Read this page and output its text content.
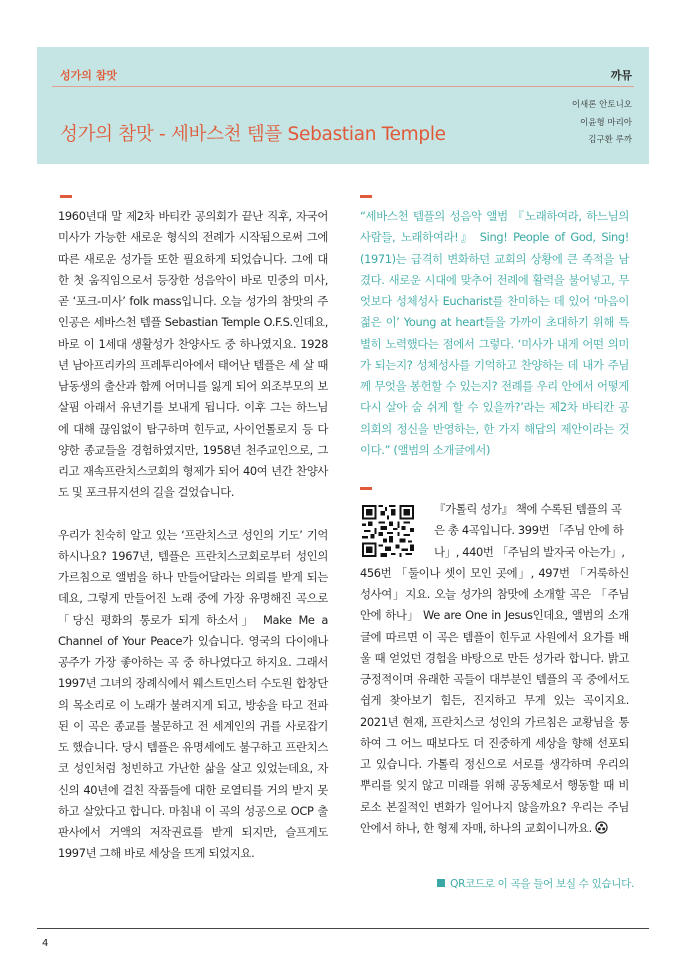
성가의 참맛	까뮤
성가의 참맛 - 세바스천 템플 Sebastian Temple
이새론 안토니오
이윤형 마리아
김구환 루까

1960년대 말 제2차 바티칸 공의회가 끝난 직후, 자국어 미사가 가능한 새로운 형식의 전례가 시작됨으로써 그에 따른 새로운 성가들 또한 필요하게 되었습니다. 그에 대한 첫 움직임으로서 등장한 성음악이 바로 민중의 미사, 곧 ‘포크-미사’ folk mass입니다. 오늘 성가의 참맛의 주인공은 세바스천 템플 Sebastian Temple O.F.S.인데요, 바로 이 1세대 생활성가 찬양사도 중 하나였지요. 1928년 남아프리카의 프레투리아에서 태어난 템플은 세 살 때 남동생의 출산과 함께 어머니를 잃게 되어 외조부모의 보살핌 아래서 유년기를 보내게 됩니다. 이후 그는 하느님에 대해 끊임없이 탐구하며 힌두교, 사이언톨로지 등 다양한 종교들을 경험하였지만, 1958년 천주교인으로, 그리고 재속프란치스코회의 형제가 되어 40여 년간 찬양사도 및 포크뮤지션의 길을 걸었습니다.

우리가 친숙히 알고 있는 ‘프란치스코 성인의 기도’ 기억하시나요? 1967년, 템플은 프란치스코회로부터 성인의 가르침으로 앨범을 하나 만들어달라는 의뢰를 받게 되는데요, 그렇게 만들어진 노래 중에 가장 유명해진 곡으로 「당신 평화의 통로가 되게 하소서」 Make Me a Channel of Your Peace가 있습니다. 영국의 다이애나 공주가 가장 좋아하는 곡 중 하나였다고 하지요. 그래서 1997년 그녀의 장례식에서 웨스트민스터 수도원 합창단의 목소리로 이 노래가 불려지게 되고, 방송을 타고 전파된 이 곡은 종교를 불문하고 전 세계인의 귀를 사로잡기도 했습니다. 당시 템플은 유명세에도 불구하고 프란치스코 성인처럼 청빈하고 가난한 삶을 살고 있었는데요, 자신의 40년에 걸친 작품들에 대한 로열티를 거의 받지 못하고 살았다고 합니다. 마침내 이 곡의 성공으로 OCP 출판사에서 거액의 저작권료를 받게 되지만, 슬프게도 1997년 그해 바로 세상을 뜨게 되었지요.

“세바스천 템플의 성음악 앨범 『노래하여라, 하느님의 사람들, 노래하여라!』 Sing! People of God, Sing!(1971)는 급격히 변화하던 교회의 상황에 큰 족적을 남겼다. 새로운 시대에 맞추어 전례에 활력을 불어넣고, 무엇보다 성체성사 Eucharist를 찬미하는 데 있어 ‘마음이 젊은 이’ Young at heart들을 가까이 초대하기 위해 특별히 노력했다는 점에서 그렇다. ‘미사가 내게 어떤 의미가 되는지? 성체성사를 기억하고 찬양하는 데 내가 주님께 무엇을 봉헌할 수 있는지? 전례를 우리 안에서 어떻게 다시 살아 숨 쉬게 할 수 있을까?’라는 제2차 바티칸 공의회의 정신을 반영하는, 한 가지 해답의 제안이라는 것이다.” (앨범의 소개글에서)
『가톨릭 성가』 책에 수록된 템플의 곡
은 총 4곡입니다. 399번 「주님 안에 하
나」, 440번 「주님의 발자국 아는가」,

456번 「둘이나 셋이 모인 곳에」, 497번 「거룩하신 성사여」지요. 오늘 성가의 참맛에 소개할 곡은 「주님 안에 하나」 We are One in Jesus인데요, 앨범의 소개글에 따르면 이 곡은 템플이 힌두교 사원에서 요가를 배울 때 얻었던 경험을 바탕으로 만든 성가라 합니다. 밝고 긍정적이며 유래한 곡들이 대부분인 템플의 곡 중에서도 쉽게 찾아보기 힘든, 진지하고 무게 있는 곡이지요. 2021년 현재, 프란치스코 성인의 가르침은 교황님을 통하여 그 어느 때보다도 더 진중하게 세상을 향해 선포되고 있습니다. 가톨릭 정신으로 서로를 생각하며 우리의 뿌리를 잊지 않고 미래를 위해 공동체로서 행동할 때 비로소 본질적인 변화가 일어나지 않을까요? 우리는 주님 안에서 하나, 한 형제 자매, 하나의 교회이니까요.

QR코드로 이 곡을 들어 보실 수 있습니다.
4
